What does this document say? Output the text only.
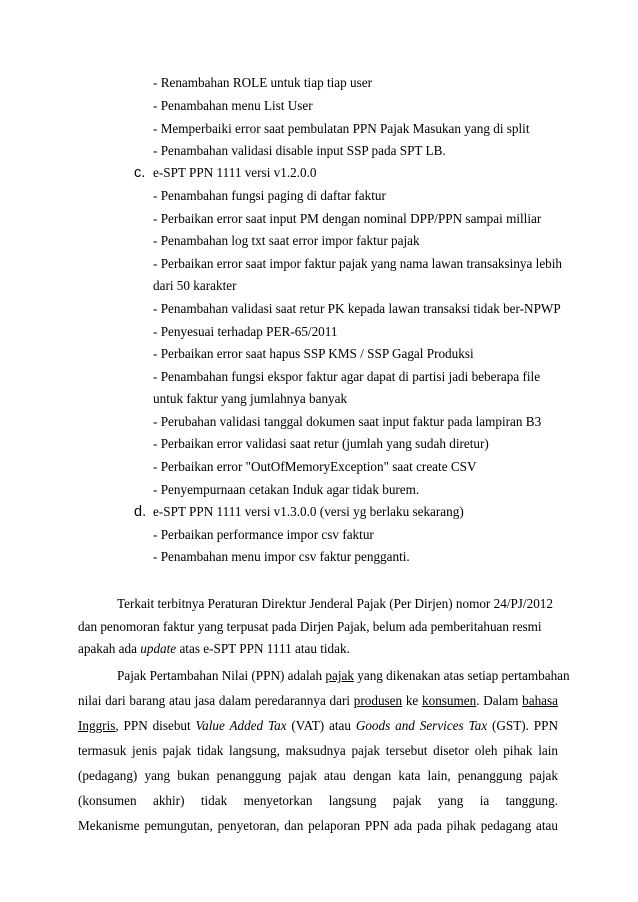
- Renambahan ROLE untuk tiap tiap user
- Penambahan menu List User
- Memperbaiki error saat pembulatan PPN Pajak Masukan yang di split
- Penambahan validasi disable input SSP pada SPT LB.
c. e-SPT PPN 1111 versi v1.2.0.0
- Penambahan fungsi paging di daftar faktur
- Perbaikan error saat input PM dengan nominal DPP/PPN sampai milliar
- Penambahan log txt saat error impor faktur pajak
- Perbaikan error saat impor faktur pajak yang nama lawan transaksinya lebih
dari 50 karakter
- Penambahan validasi saat retur PK kepada lawan transaksi tidak ber-NPWP
- Penyesuai terhadap PER-65/2011
- Perbaikan error saat hapus SSP KMS / SSP Gagal Produksi
- Penambahan fungsi ekspor faktur agar dapat di partisi jadi beberapa file
untuk faktur yang jumlahnya banyak
- Perubahan validasi tanggal dokumen saat input faktur pada lampiran B3
- Perbaikan error validasi saat retur (jumlah yang sudah diretur)
- Perbaikan error "OutOfMemoryException" saat create CSV
- Penyempurnaan cetakan Induk agar tidak burem.
d. e-SPT PPN 1111 versi v1.3.0.0 (versi yg berlaku sekarang)
- Perbaikan performance impor csv faktur
- Penambahan menu impor csv faktur pengganti.
Terkait terbitnya Peraturan Direktur Jenderal Pajak (Per Dirjen) nomor 24/PJ/2012
dan penomoran faktur yang terpusat pada Dirjen Pajak, belum ada pemberitahuan resmi
apakah ada update atas e-SPT PPN 1111 atau tidak.
Pajak Pertambahan Nilai (PPN) adalah pajak yang dikenakan atas setiap pertambahan
nilai dari barang atau jasa dalam peredarannya dari produsen ke konsumen. Dalam bahasa
Inggris, PPN disebut Value Added Tax (VAT) atau Goods and Services Tax (GST). PPN
termasuk jenis pajak tidak langsung, maksudnya pajak tersebut disetor oleh pihak lain
(pedagang) yang bukan penanggung pajak atau dengan kata lain, penanggung pajak
(konsumen akhir) tidak menyetorkan langsung pajak yang ia tanggung.
Mekanisme pemungutan, penyetoran, dan pelaporan PPN ada pada pihak pedagang atau
